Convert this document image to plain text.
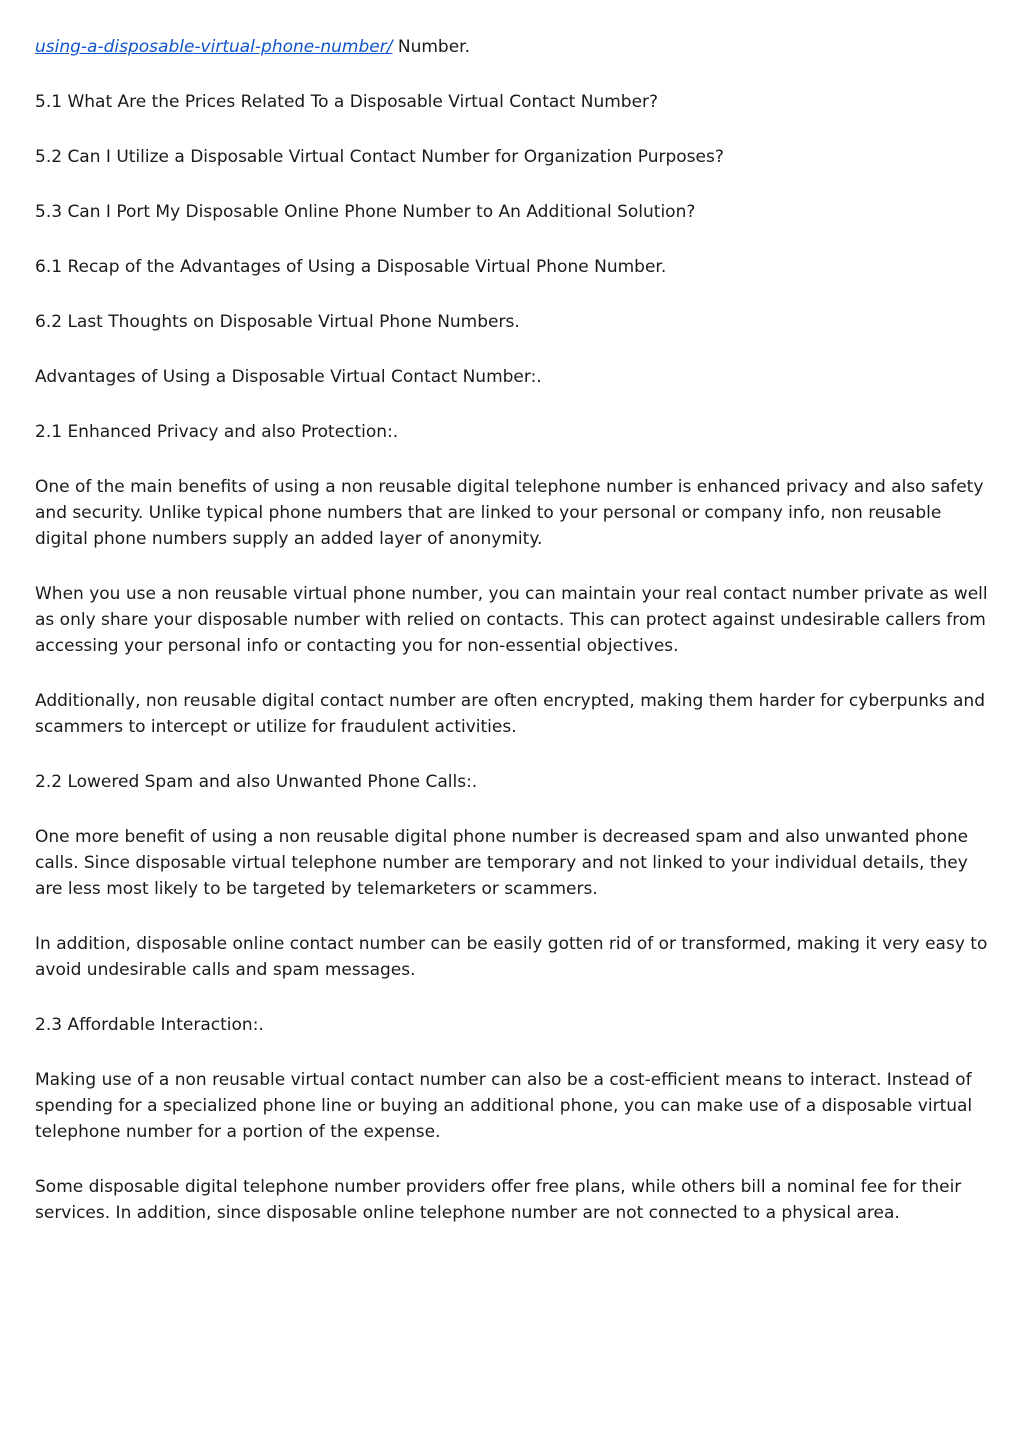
using-a-disposable-virtual-phone-number/ Number.

5.1 What Are the Prices Related To a Disposable Virtual Contact Number?

5.2 Can I Utilize a Disposable Virtual Contact Number for Organization Purposes?

5.3 Can I Port My Disposable Online Phone Number to An Additional Solution?

6.1 Recap of the Advantages of Using a Disposable Virtual Phone Number.

6.2 Last Thoughts on Disposable Virtual Phone Numbers.

Advantages of Using a Disposable Virtual Contact Number:.

2.1 Enhanced Privacy and also Protection:.

One of the main benefits of using a non reusable digital telephone number is enhanced privacy and also safety and security. Unlike typical phone numbers that are linked to your personal or company info, non reusable digital phone numbers supply an added layer of anonymity.

When you use a non reusable virtual phone number, you can maintain your real contact number private as well as only share your disposable number with relied on contacts. This can protect against undesirable callers from accessing your personal info or contacting you for non-essential objectives.

Additionally, non reusable digital contact number are often encrypted, making them harder for cyberpunks and scammers to intercept or utilize for fraudulent activities.

2.2 Lowered Spam and also Unwanted Phone Calls:.

One more benefit of using a non reusable digital phone number is decreased spam and also unwanted phone calls. Since disposable virtual telephone number are temporary and not linked to your individual details, they are less most likely to be targeted by telemarketers or scammers.

In addition, disposable online contact number can be easily gotten rid of or transformed, making it very easy to avoid undesirable calls and spam messages.

2.3 Affordable Interaction:.

Making use of a non reusable virtual contact number can also be a cost-efficient means to interact. Instead of spending for a specialized phone line or buying an additional phone, you can make use of a disposable virtual telephone number for a portion of the expense.

Some disposable digital telephone number providers offer free plans, while others bill a nominal fee for their services. In addition, since disposable online telephone number are not connected to a physical area.
